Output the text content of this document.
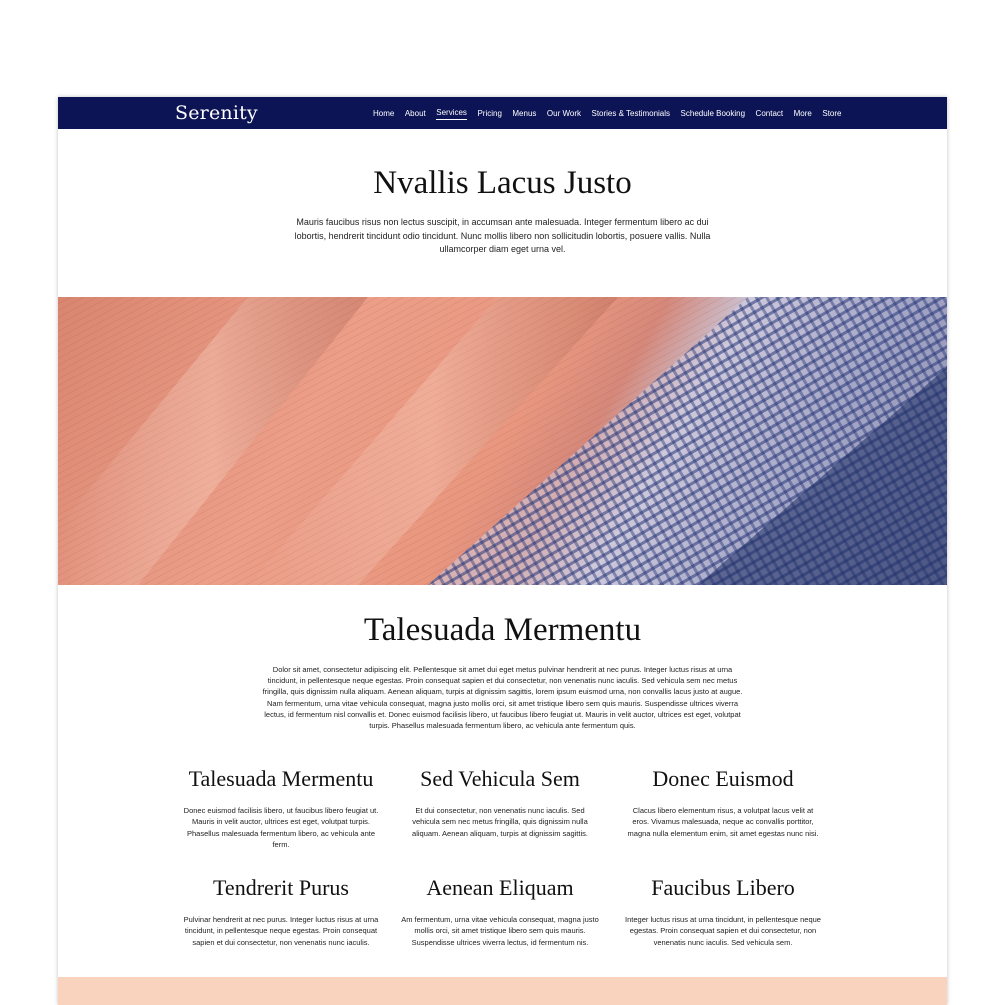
Serenity	Home About Services Pricing Menus Our Work Stories & Testimonials Schedule Booking Contact More Store
Nvallis Lacus Justo

Mauris faucibus risus non lectus suscipit, in accumsan ante malesuada. Integer fermentum libero ac dui lobortis, hendrerit tincidunt odio tincidunt. Nunc mollis libero non sollicitudin lobortis, posuere vallis. Nulla ullamcorper diam eget urna vel.

Talesuada Mermentu

Dolor sit amet, consectetur adipiscing elit. Pellentesque sit amet dui eget metus pulvinar hendrerit at nec purus. Integer luctus risus at urna tincidunt, in pellentesque neque egestas. Proin consequat sapien et dui consectetur, non venenatis nunc iaculis. Sed vehicula sem nec metus fringilla, quis dignissim nulla aliquam. Aenean aliquam, turpis at dignissim sagittis, lorem ipsum euismod urna, non convallis lacus justo at augue. Nam fermentum, urna vitae vehicula consequat, magna justo mollis orci, sit amet tristique libero sem quis mauris. Suspendisse ultrices viverra lectus, id fermentum nisl convallis et. Donec euismod facilisis libero, ut faucibus libero feugiat ut. Mauris in velit auctor, ultrices est eget, volutpat turpis. Phasellus malesuada fermentum libero, ac vehicula ante fermentum quis.

Talesuada Mermentu

Donec euismod facilisis libero, ut faucibus libero feugiat ut. Mauris in velit auctor, ultrices est eget, volutpat turpis. Phasellus malesuada fermentum libero, ac vehicula ante ferm.

Sed Vehicula Sem

Et dui consectetur, non venenatis nunc iaculis. Sed vehicula sem nec metus fringilla, quis dignissim nulla aliquam. Aenean aliquam, turpis at dignissim sagittis.

Donec Euismod

Clacus libero elementum risus, a volutpat lacus velit at eros. Vivamus malesuada, neque ac convallis porttitor, magna nulla elementum enim, sit amet egestas nunc nisi.

Tendrerit Purus

Pulvinar hendrerit at nec purus. Integer luctus risus at urna tincidunt, in pellentesque neque egestas. Proin consequat sapien et dui consectetur, non venenatis nunc iaculis.

Aenean Eliquam

Am fermentum, urna vitae vehicula consequat, magna justo mollis orci, sit amet tristique libero sem quis mauris. Suspendisse ultrices viverra lectus, id fermentum nis.

Faucibus Libero

Integer luctus risus at urna tincidunt, in pellentesque neque egestas. Proin consequat sapien et dui consectetur, non venenatis nunc iaculis. Sed vehicula sem.
